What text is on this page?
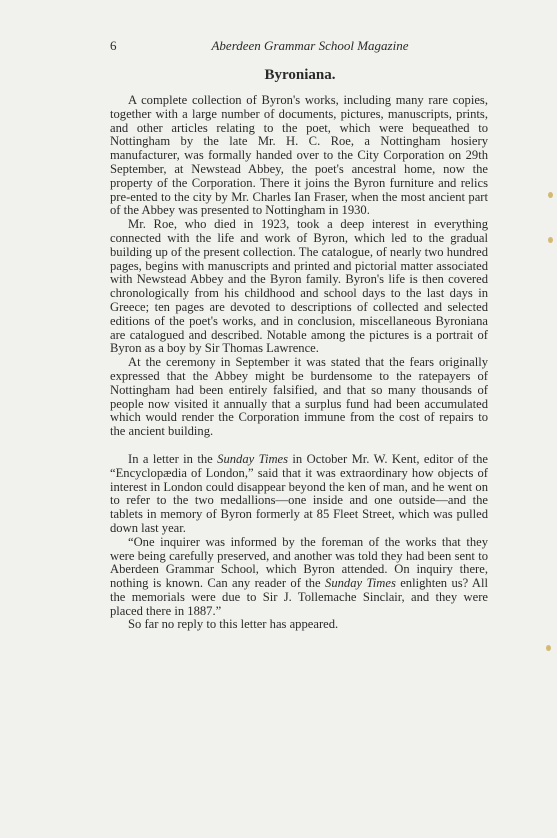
6	Aberdeen Grammar School Magazine
Byroniana.

A complete collection of Byron's works, including many rare copies, together with a large number of documents, pictures, manuscripts, prints, and other articles relating to the poet, which were bequeathed to Nottingham by the late Mr. H. C. Roe, a Nottingham hosiery manufacturer, was formally handed over to the City Corporation on 29th September, at Newstead Abbey, the poet's ancestral home, now the property of the Corporation. There it joins the Byron furniture and relics pre-ented to the city by Mr. Charles Ian Fraser, when the most ancient part of the Abbey was presented to Nottingham in 1930.

Mr. Roe, who died in 1923, took a deep interest in everything connected with the life and work of Byron, which led to the gradual building up of the present collection. The catalogue, of nearly two hundred pages, begins with manuscripts and printed and pictorial matter associated with Newstead Abbey and the Byron family. Byron's life is then covered chronologically from his childhood and school days to the last days in Greece; ten pages are devoted to descriptions of collected and selected editions of the poet's works, and in conclusion, miscellaneous Byroniana are catalogued and described. Notable among the pictures is a portrait of Byron as a boy by Sir Thomas Lawrence.

At the ceremony in September it was stated that the fears originally expressed that the Abbey might be burdensome to the ratepayers of Nottingham had been entirely falsified, and that so many thousands of people now visited it annually that a surplus fund had been accumulated which would render the Corporation immune from the cost of repairs to the ancient building.

In a letter in the Sunday Times in October Mr. W. Kent, editor of the “Encyclopædia of London,” said that it was extraordinary how objects of interest in London could disappear beyond the ken of man, and he went on to refer to the two medallions—one inside and one outside—and the tablets in memory of Byron formerly at 85 Fleet Street, which was pulled down last year.

“One inquirer was informed by the foreman of the works that they were being carefully preserved, and another was told they had been sent to Aberdeen Grammar School, which Byron attended. On inquiry there, nothing is known. Can any reader of the Sunday Times enlighten us? All the memorials were due to Sir J. Tollemache Sinclair, and they were placed there in 1887.”

So far no reply to this letter has appeared.
